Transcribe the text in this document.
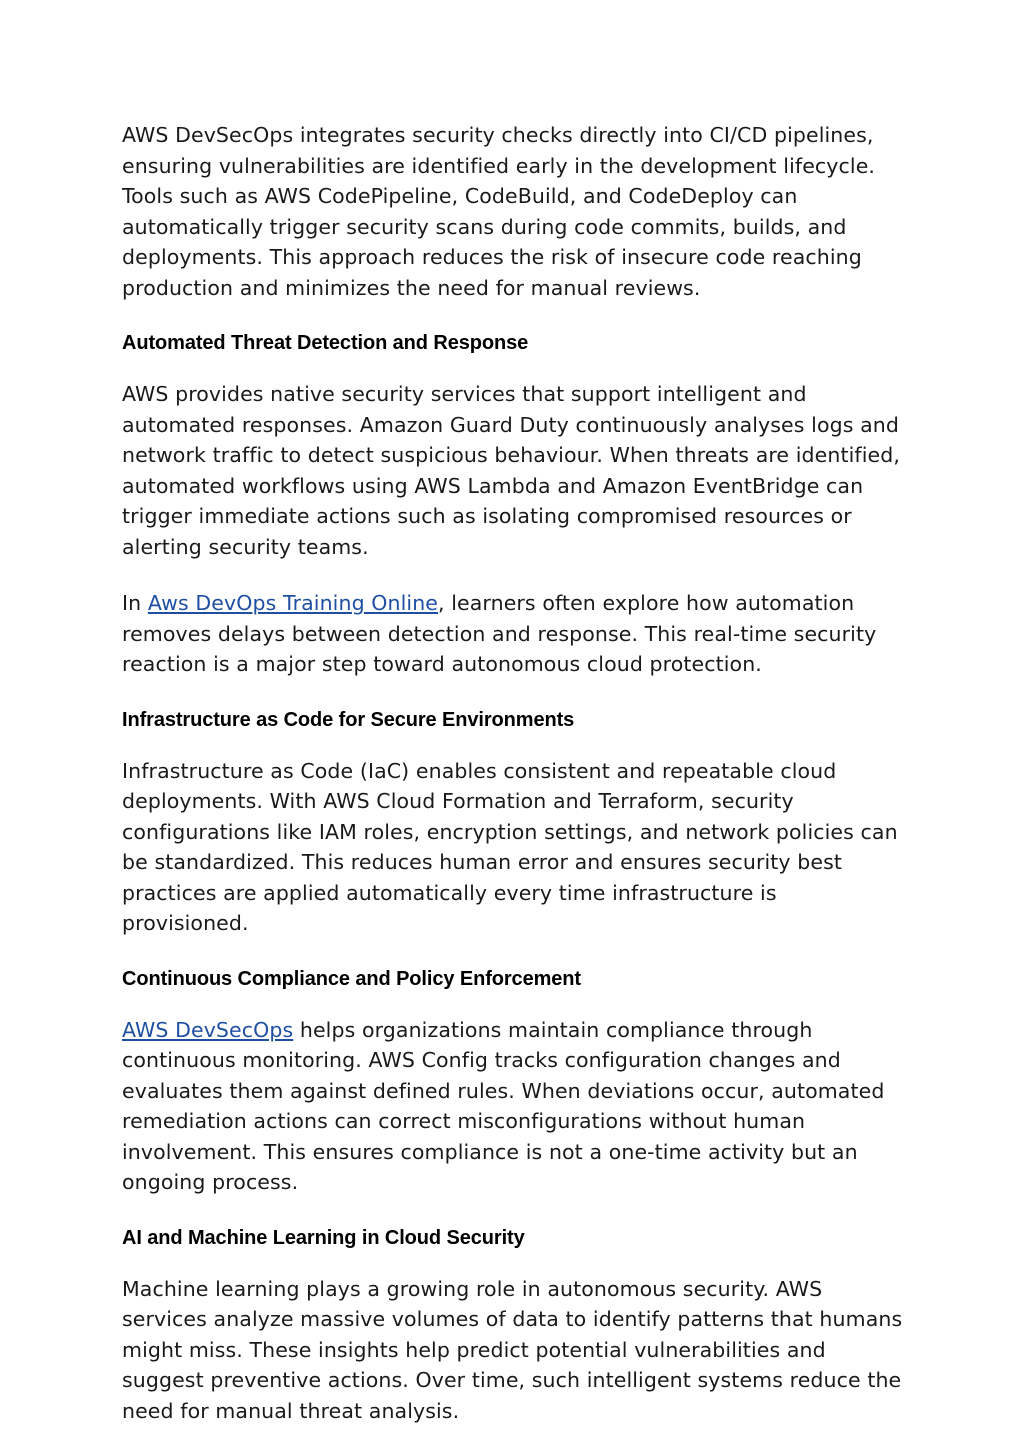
AWS DevSecOps integrates security checks directly into CI/CD pipelines, ensuring vulnerabilities are identified early in the development lifecycle. Tools such as AWS CodePipeline, CodeBuild, and CodeDeploy can automatically trigger security scans during code commits, builds, and deployments. This approach reduces the risk of insecure code reaching production and minimizes the need for manual reviews.

Automated Threat Detection and Response

AWS provides native security services that support intelligent and automated responses. Amazon Guard Duty continuously analyses logs and network traffic to detect suspicious behaviour. When threats are identified, automated workflows using AWS Lambda and Amazon EventBridge can trigger immediate actions such as isolating compromised resources or alerting security teams.

In Aws DevOps Training Online, learners often explore how automation removes delays between detection and response. This real-time security reaction is a major step toward autonomous cloud protection.

Infrastructure as Code for Secure Environments

Infrastructure as Code (IaC) enables consistent and repeatable cloud deployments. With AWS Cloud Formation and Terraform, security configurations like IAM roles, encryption settings, and network policies can be standardized. This reduces human error and ensures security best practices are applied automatically every time infrastructure is provisioned.

Continuous Compliance and Policy Enforcement

AWS DevSecOps helps organizations maintain compliance through continuous monitoring. AWS Config tracks configuration changes and evaluates them against defined rules. When deviations occur, automated remediation actions can correct misconfigurations without human involvement. This ensures compliance is not a one-time activity but an ongoing process.

AI and Machine Learning in Cloud Security

Machine learning plays a growing role in autonomous security. AWS services analyze massive volumes of data to identify patterns that humans might miss. These insights help predict potential vulnerabilities and suggest preventive actions. Over time, such intelligent systems reduce the need for manual threat analysis.
